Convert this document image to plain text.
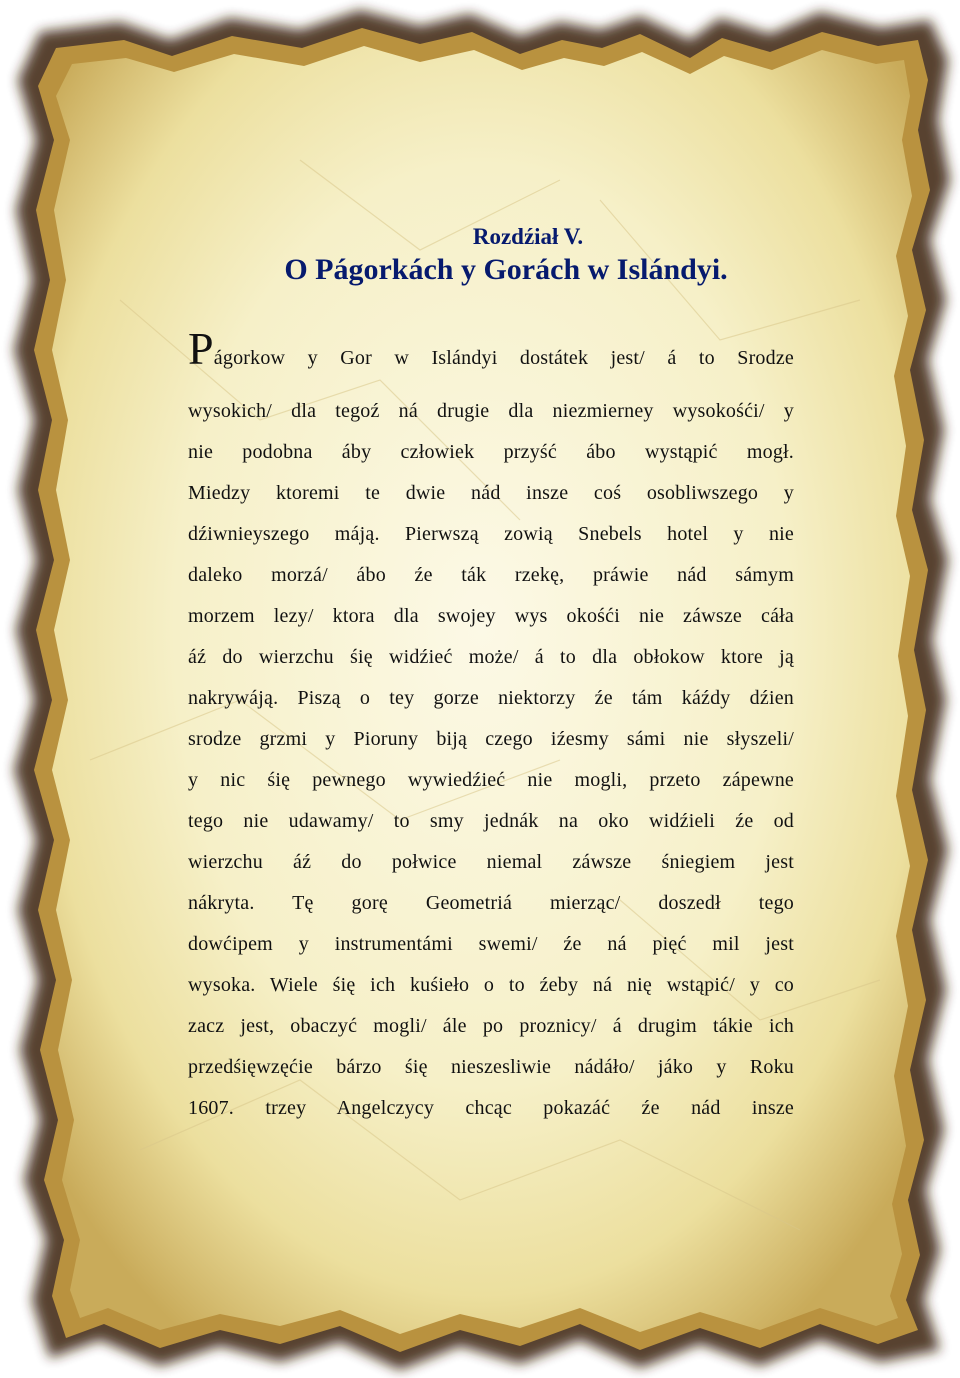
Rozdźiał V.

O Págorkách y Gorách w Islándyi.

Págorkow y Gor w Islándyi dostátek jest/ á to Srodze
wysokich/ dla tegoź ná drugie dla niezmierney wysokośći/ y
nie podobna áby człowiek przyść ábo wystąpić mogł.
Miedzy ktoremi te dwie nád insze coś osobliwszego y
dźiwnieyszego máją. Pierwszą zowią Snebels hotel y nie
daleko morzá/ ábo źe ták rzekę, práwie nád sámym
morzem lezy/ ktora dla swojey wys okośći nie záwsze cáła
áź do wierzchu śię widźieć może/ á to dla obłokow ktore ją
nakrywáją. Piszą o tey gorze niektorzy źe tám káźdy dźien
srodze grzmi y Pioruny biją czego iźesmy sámi nie słyszeli/
y nic śię pewnego wywiedźieć nie mogli, przeto zápewne
tego nie udawamy/ to smy jednák na oko widźieli źe od
wierzchu áź do połwice niemal záwsze śniegiem jest
nákryta. Tę gorę Geometriá mierząc/ doszedł tego
dowćipem y instrumentámi swemi/ źe ná pięć mil jest
wysoka. Wiele śię ich kuśieło o to źeby ná nię wstąpić/ y co
zacz jest, obaczyć mogli/ ále po proznicy/ á drugim tákie ich
przedśięwzęćie bárzo śię nieszesliwie nádáło/ jáko y Roku
1607. trzey Angelczycy chcąc pokazáć źe nád insze
